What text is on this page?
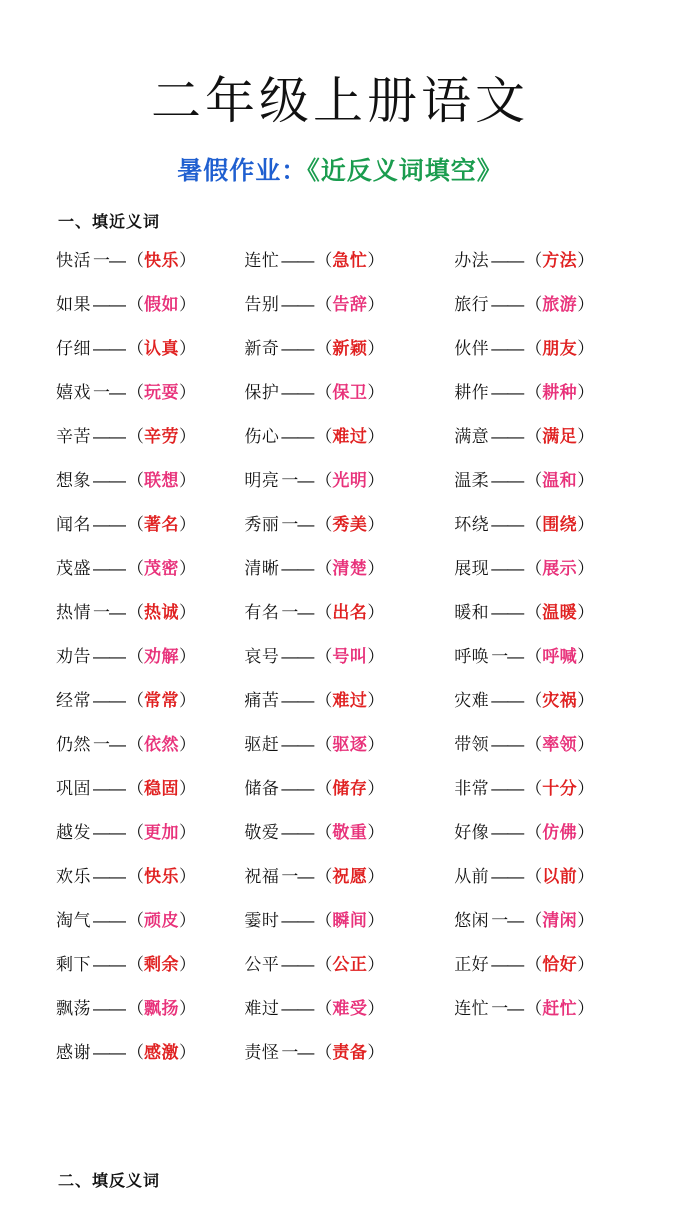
二年级上册语文
暑假作业：《近反义词填空》
一、填近义词
快活 一— （快乐）	连忙 —— （急忙）	办法 —— （方法）
如果 —— （假如）	告别 —— （告辞）	旅行 —— （旅游）
仔细 —— （认真）	新奇 —— （新颖）	伙伴 —— （朋友）
嬉戏 一— （玩耍）	保护 —— （保卫）	耕作 —— （耕种）
辛苦 —— （辛劳）	伤心 —— （难过）	满意 —— （满足）
想象 —— （联想）	明亮 一— （光明）	温柔 —— （温和）
闻名 —— （著名）	秀丽 一— （秀美）	环绕 —— （围绕）
茂盛 —— （茂密）	清晰 —— （清楚）	展现 —— （展示）
热情 一— （热诚）	有名 一— （出名）	暖和 —— （温暖）
劝告 —— （劝解）	哀号 —— （号叫）	呼唤 一— （呼喊）
经常 —— （常常）	痛苦 —— （难过）	灾难 —— （灾祸）
仍然 一— （依然）	驱赶 —— （驱逐）	带领 —— （率领）
巩固 —— （稳固）	储备 —— （储存）	非常 —— （十分）
越发 —— （更加）	敬爱 —— （敬重）	好像 —— （仿佛）
欢乐 —— （快乐）	祝福 一— （祝愿）	从前 —— （以前）
淘气 —— （顽皮）	霎时 —— （瞬间）	悠闲 一— （清闲）
剩下 —— （剩余）	公平 —— （公正）	正好 —— （恰好）
飘荡 —— （飘扬）	难过 —— （难受）	连忙 一— （赶忙）
感谢 —— （感激）	责怪 一— （责备）	
二、填反义词
